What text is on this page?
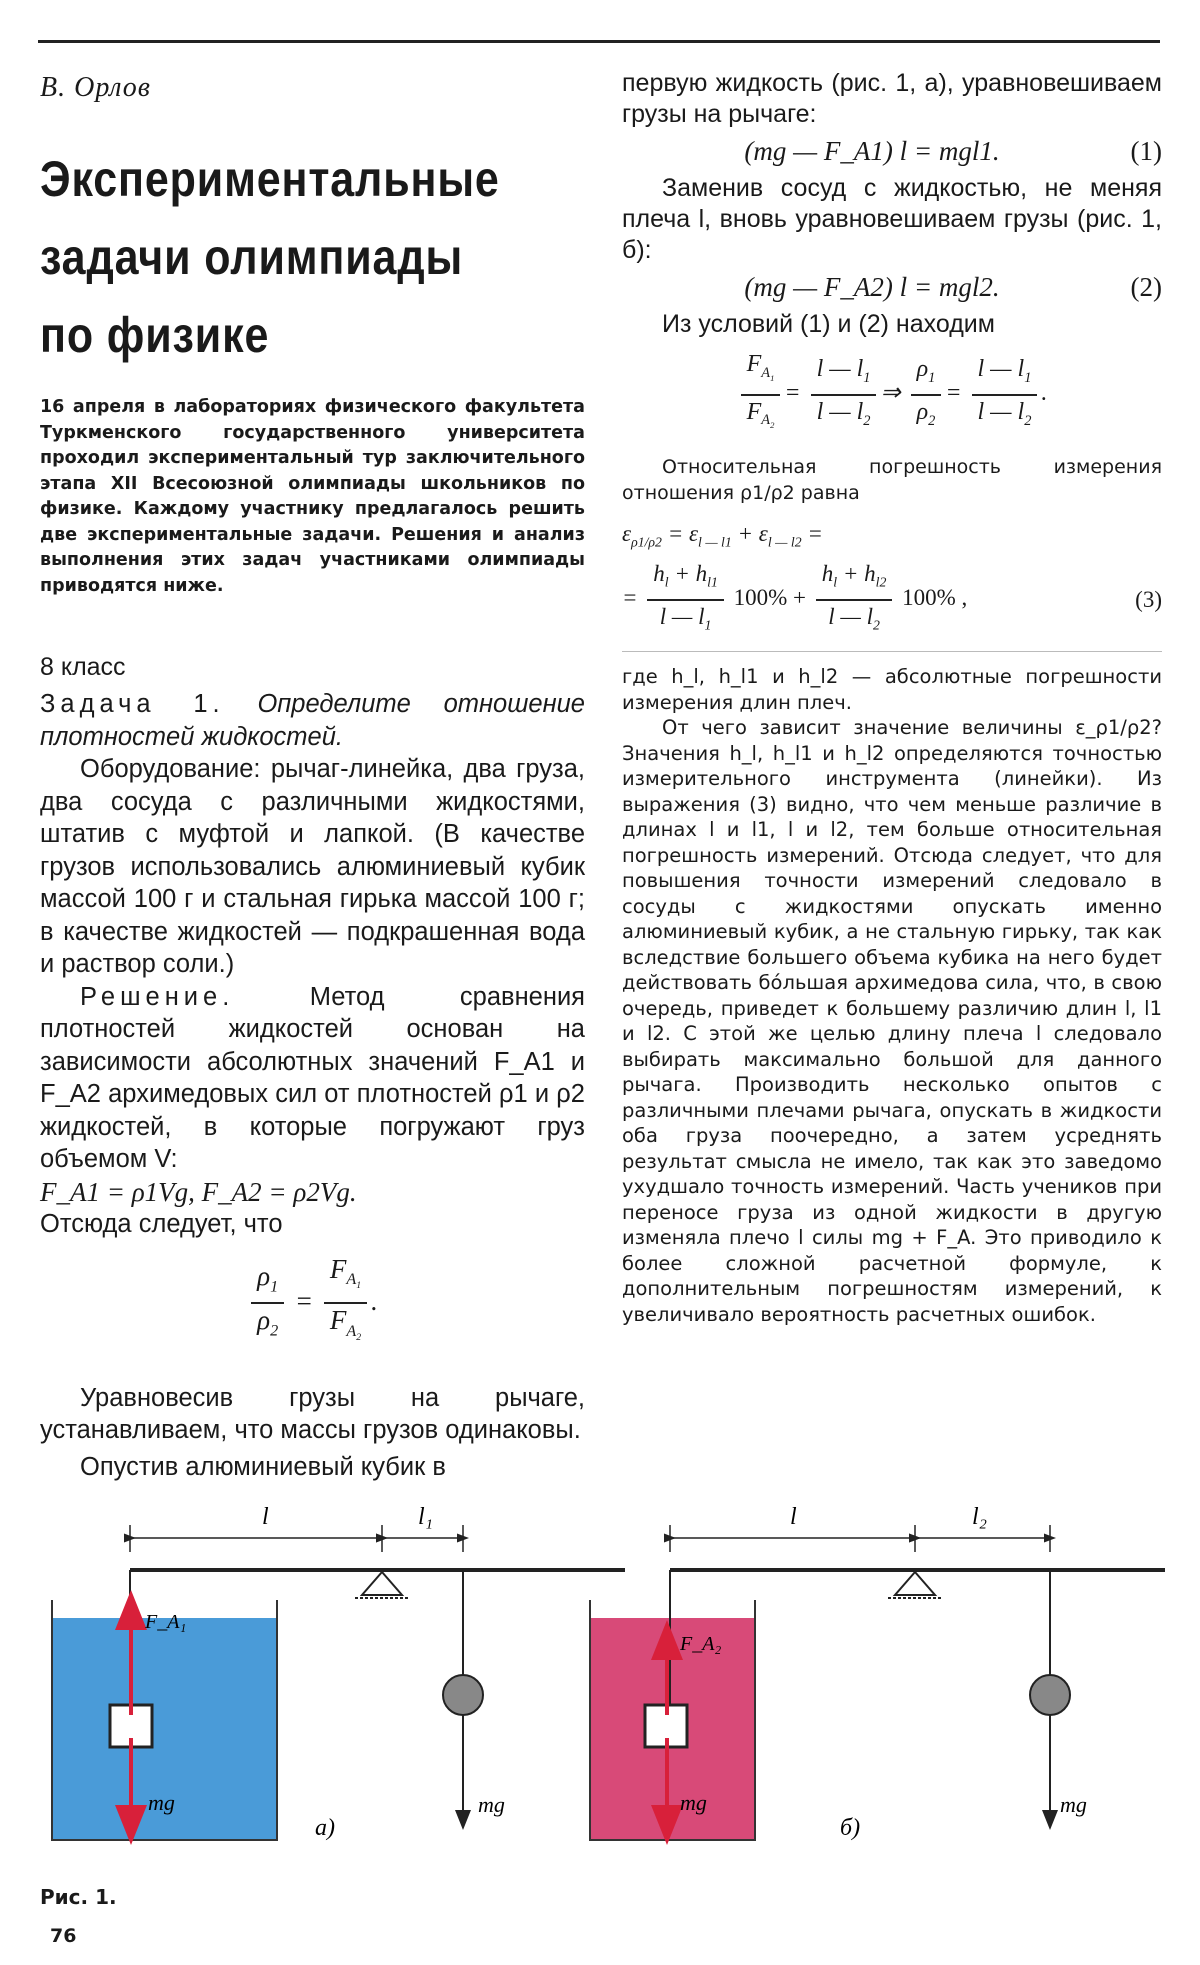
В. Орлов
Экспериментальные
задачи олимпиады
по физике
16 апреля в лабораториях физического факультета Туркменского государственного университета проходил экспериментальный тур заключительного этапа XII Всесоюзной олимпиады школьников по физике. Каждому участнику предлагалось решить две экспериментальные задачи. Решения и анализ выполнения этих задач участниками олимпиады приводятся ниже.
8 класс

Задача 1. Определите отношение плотностей жидкостей.

Оборудование: рычаг-линейка, два груза, два сосуда с различными жидкостями, штатив с муфтой и лапкой. (В качестве грузов использовались алюминиевый кубик массой 100 г и стальная гирька массой 100 г; в качестве жидкостей — подкрашенная вода и раствор соли.)

Решение.	Метод сравнения плотностей жидкостей основан на зависимости абсолютных значений F_A1 и F_A2 архимедовых сил от плотностей ρ1 и ρ2 жидкостей, в которые погружают груз объемом V:

F_A1 = ρ1Vg, F_A2 = ρ2Vg.

Отсюда следует, что

$\frac{\rho_1}{\rho_2} = \frac{F_{A_1}}{F_{A_2}}$ .

Уравновесив грузы на рычаге, устанавливаем, что массы грузов одинаковы.

Опустив алюминиевый кубик в

первую жидкость (рис. 1, а), уравновешиваем грузы на рычаге:

(mg — F_A1) l = mgl1.	(1)

Заменив сосуд с жидкостью, не меняя плеча l, вновь уравновешиваем грузы (рис. 1, б):

(mg — F_A2) l = mgl2.	(2)

Из условий (1) и (2) находим

$\frac{F_{A_1}}{F_{A_2}} = \frac{l — l_1}{l — l_2}$ ⇒ $\frac{\rho_1}{\rho_2} = \frac{l — l_1}{l — l_2}$ .

Относительная погрешность измерения отношения ρ1/ρ2 равна

$\varepsilon_{\rho 1/\rho 2} = \varepsilon_{l — l1} + \varepsilon_{l — l2}$ =
= $\frac{h_l + h_{l1}}{l — l_1} 100\% + \frac{h_l + h_{l2}}{l — l_2} 100\%$ ,	(3)

где h_l, h_l1 и h_l2 — абсолютные погрешности измерения длин плеч.

От чего зависит значение величины ε_ρ1/ρ2? Значения h_l, h_l1 и h_l2 определяются точностью измерительного инструмента (линейки). Из выражения (3) видно, что чем меньше различие в длинах l и l1, l и l2, тем больше относительная погрешность измерений. Отсюда следует, что для повышения точности измерений следовало в сосуды с жидкостями опускать именно алюминиевый кубик, а не стальную гирьку, так как вследствие большего объема кубика на него будет действовать бóльшая архимедова сила, что, в свою очередь, приведет к большему различию длин l, l1 и l2. С этой же целью длину плеча l следовало выбирать максимально большой для данного рычага. Производить несколько опытов с различными плечами рычага, опускать в жидкости оба груза поочередно, а затем усреднять результат смысла не имело, так как это заведомо ухудшало точность измерений. Часть учеников при переносе груза из одной жидкости в другую изменяла плечо l силы mg + F_A. Это приводило к более сложной расчетной формуле, к дополнительным погрешностям измерений, к увеличивало вероятность расчетных ошибок.

l	l₁
F_A₁
mg	mg
а)
l	l₂
F_A₂
mg	mg
б)
Рис. 1.
76
